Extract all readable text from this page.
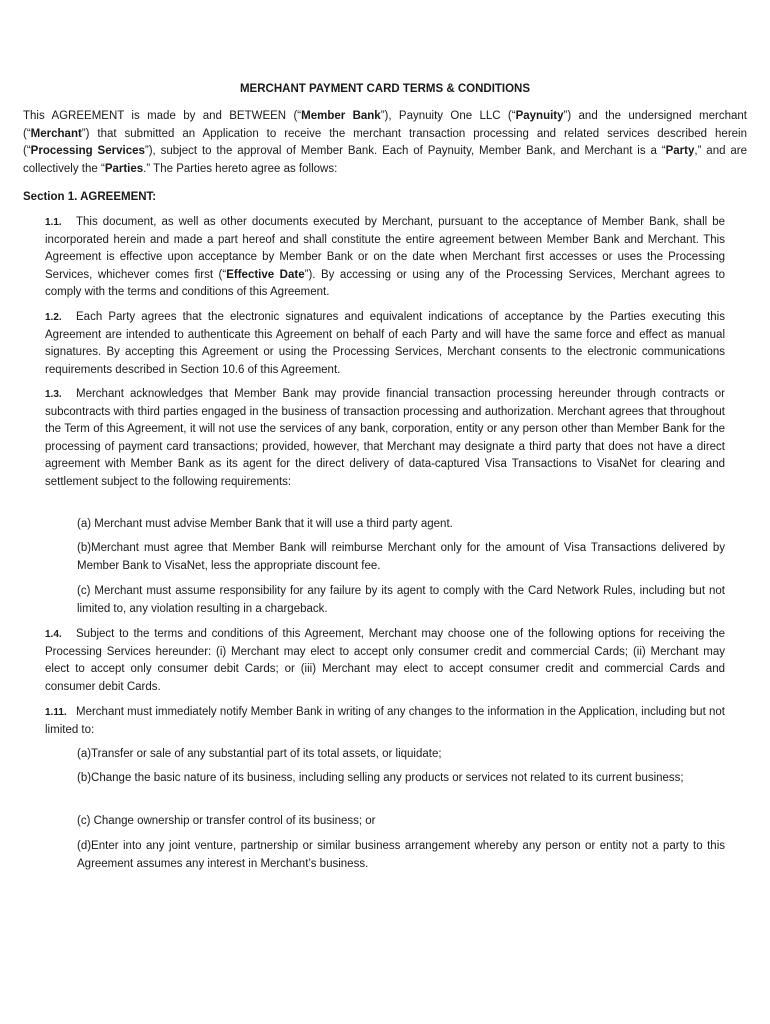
MERCHANT PAYMENT CARD TERMS & CONDITIONS
This AGREEMENT is made by and BETWEEN (“Member Bank”), Paynuity One LLC (“Paynuity”) and the undersigned merchant (“Merchant”) that submitted an Application to receive the merchant transaction processing and related services described herein (“Processing Services”), subject to the approval of Member Bank. Each of Paynuity, Member Bank, and Merchant is a “Party,” and are collectively the “Parties.” The Parties hereto agree as follows:
Section 1. AGREEMENT:
1.1. This document, as well as other documents executed by Merchant, pursuant to the acceptance of Member Bank, shall be incorporated herein and made a part hereof and shall constitute the entire agreement between Member Bank and Merchant. This Agreement is effective upon acceptance by Member Bank or on the date when Merchant first accesses or uses the Processing Services, whichever comes first (“Effective Date”). By accessing or using any of the Processing Services, Merchant agrees to comply with the terms and conditions of this Agreement.
1.2. Each Party agrees that the electronic signatures and equivalent indications of acceptance by the Parties executing this Agreement are intended to authenticate this Agreement on behalf of each Party and will have the same force and effect as manual signatures. By accepting this Agreement or using the Processing Services, Merchant consents to the electronic communications requirements described in Section 10.6 of this Agreement.
1.3. Merchant acknowledges that Member Bank may provide financial transaction processing hereunder through contracts or subcontracts with third parties engaged in the business of transaction processing and authorization. Merchant agrees that throughout the Term of this Agreement, it will not use the services of any bank, corporation, entity or any person other than Member Bank for the processing of payment card transactions; provided, however, that Merchant may designate a third party that does not have a direct agreement with Member Bank as its agent for the direct delivery of data-captured Visa Transactions to VisaNet for clearing and settlement subject to the following requirements:
(a) Merchant must advise Member Bank that it will use a third party agent.
(b)Merchant must agree that Member Bank will reimburse Merchant only for the amount of Visa Transactions delivered by Member Bank to VisaNet, less the appropriate discount fee.
(c) Merchant must assume responsibility for any failure by its agent to comply with the Card Network Rules, including but not limited to, any violation resulting in a chargeback.
1.4. Subject to the terms and conditions of this Agreement, Merchant may choose one of the following options for receiving the Processing Services hereunder: (i) Merchant may elect to accept only consumer credit and commercial Cards; (ii) Merchant may elect to accept only consumer debit Cards; or (iii) Merchant may elect to accept consumer credit and commercial Cards and consumer debit Cards.
1.11. Merchant must immediately notify Member Bank in writing of any changes to the information in the Application, including but not limited to:
(a)Transfer or sale of any substantial part of its total assets, or liquidate;
(b)Change the basic nature of its business, including selling any products or services not related to its current business;
(c) Change ownership or transfer control of its business; or
(d)Enter into any joint venture, partnership or similar business arrangement whereby any person or entity not a party to this Agreement assumes any interest in Merchant’s business.
